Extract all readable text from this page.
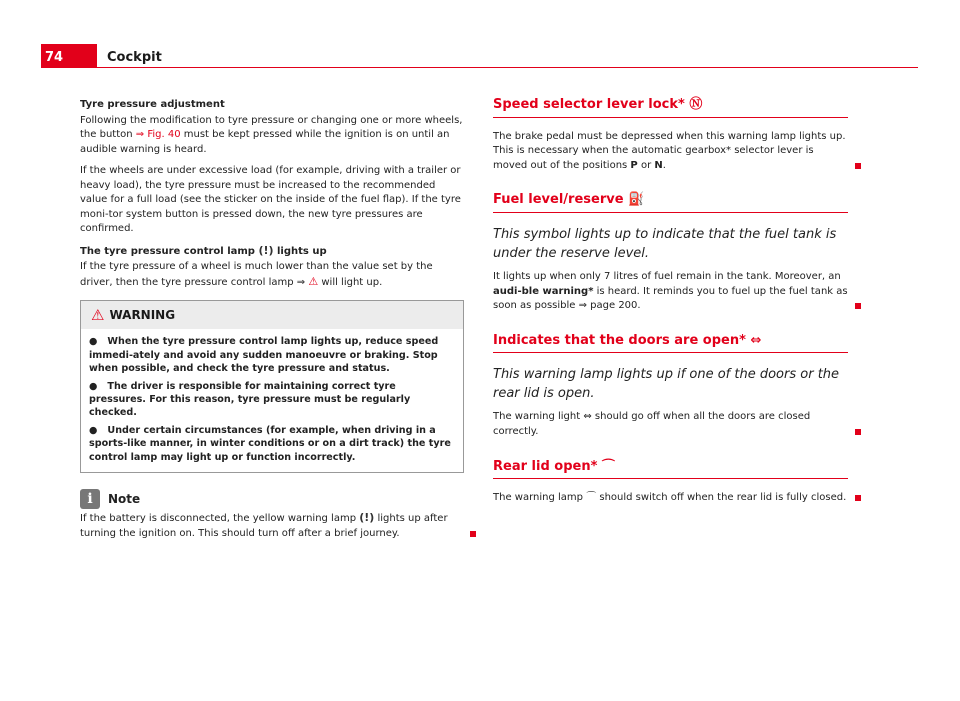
74	Cockpit
Tyre pressure adjustment

Following the modification to tyre pressure or changing one or more wheels, the button ⇒ Fig. 40 must be kept pressed while the ignition is on until an audible warning is heard.

If the wheels are under excessive load (for example, driving with a trailer or heavy load), the tyre pressure must be increased to the recommended value for a full load (see the sticker on the inside of the fuel flap). If the tyre moni-tor system button is pressed down, the new tyre pressures are confirmed.

The tyre pressure control lamp (!) lights up

If the tyre pressure of a wheel is much lower than the value set by the driver, then the tyre pressure control lamp ⇒ ⚠ will light up.

⚠ WARNING

●   When the tyre pressure control lamp lights up, reduce speed immedi-ately and avoid any sudden manoeuvre or braking. Stop when possible, and check the tyre pressure and status.

●   The driver is responsible for maintaining correct tyre pressures. For this reason, tyre pressure must be regularly checked.

●   Under certain circumstances (for example, when driving in a sports-like manner, in winter conditions or on a dirt track) the tyre control lamp may light up or function incorrectly.

i	Note

If the battery is disconnected, the yellow warning lamp (!) lights up after turning the ignition on. This should turn off after a brief journey.

Speed selector lever lock* Ⓝ

The brake pedal must be depressed when this warning lamp lights up. This is necessary when the automatic gearbox* selector lever is moved out of the positions P or N.

Fuel level/reserve ⛽
This symbol lights up to indicate that the fuel tank is under the reserve level.

It lights up when only 7 litres of fuel remain in the tank. Moreover, an audi-ble warning* is heard. It reminds you to fuel up the fuel tank as soon as possible ⇒ page 200.

Indicates that the doors are open* ⇔
This warning lamp lights up if one of the doors or the rear lid is open.

The warning light ⇔ should go off when all the doors are closed correctly.

Rear lid open* ⌒

The warning lamp ⌒ should switch off when the rear lid is fully closed.
